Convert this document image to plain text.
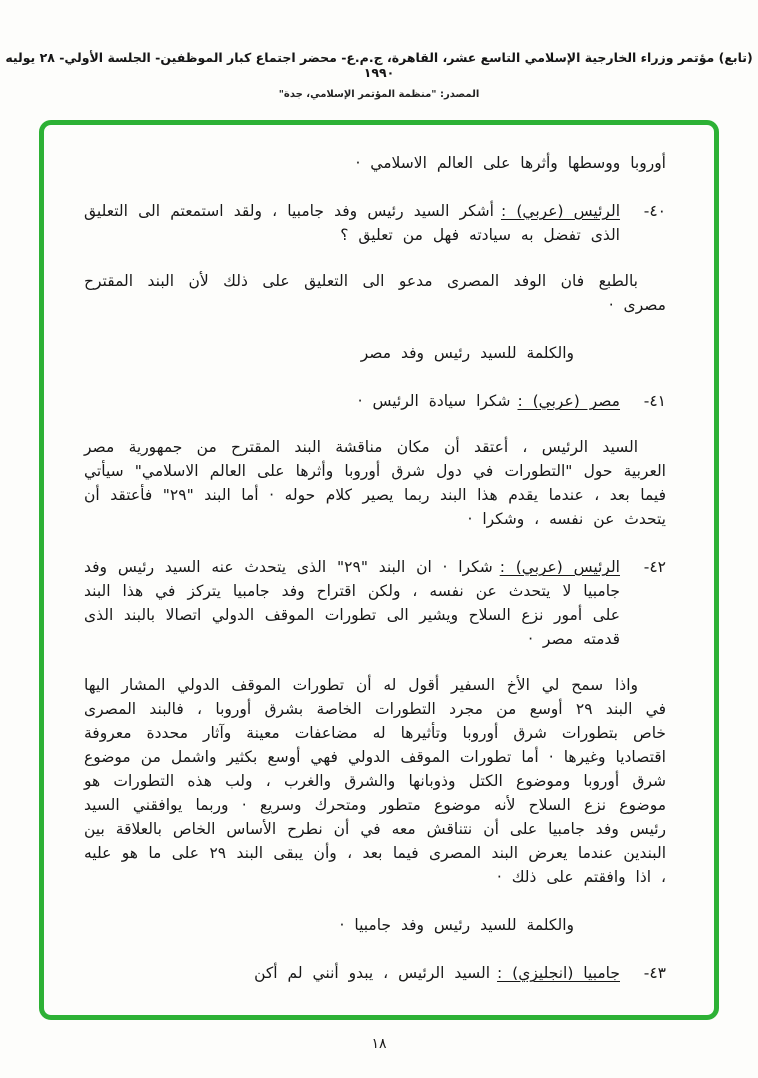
(تابع) مؤتمر وزراء الخارجية الإسلامي التاسع عشر، القاهرة، ج.م.ع- محضر اجتماع كبار الموظفين- الجلسة الأولي- ٢٨ يوليه ١٩٩٠
المصدر: "منظمة المؤتمر الإسلامي، جدة"

أوروبا ووسطها وأثرها على العالم الاسلامي ·

٤٠-

الرئيس (عربي) :أشكر السيد رئيس وفد جامبيا ، ولقد استمعتم الى التعليق الذى تفضل به سيادته فهل من تعليق ؟

بالطبع فان الوفد المصرى مدعو الى التعليق على ذلك لأن البند المقترح مصرى ·

والكلمة للسيد رئيس وفد مصر

٤١-

مصر (عربي) :شكرا سيادة الرئيس ·

السيد الرئيس ، أعتقد أن مكان مناقشة البند المقترح من جمهورية مصر العربية حول "التطورات في دول شرق أوروبا وأثرها على العالم الاسلامي" سيأتي فيما بعد ، عندما يقدم هذا البند ربما يصير كلام حوله · أما البند "٢٩" فأعتقد أن يتحدث عن نفسه ، وشكرا ·

٤٢-

الرئيس (عربي) :شكرا · ان البند "٢٩" الذى يتحدث عنه السيد رئيس وفد جامبيا لا يتحدث عن نفسه ، ولكن اقتراح وفد جامبيا يتركز في هذا البند على أمور نزع السلاح ويشير الى تطورات الموقف الدولي اتصالا بالبند الذى قدمته مصر ·

واذا سمح لي الأخ السفير أقول له أن تطورات الموقف الدولي المشار اليها في البند ٢٩ أوسع من مجرد التطورات الخاصة بشرق أوروبا ، فالبند المصرى خاص بتطورات شرق أوروبا وتأثيرها له مضاعفات معينة وآثار محددة معروفة اقتصاديا وغيرها · أما تطورات الموقف الدولي فهي أوسع بكثير واشمل من موضوع شرق أوروبا وموضوع الكتل وذوبانها والشرق والغرب ، ولب هذه التطورات هو موضوع نزع السلاح لأنه موضوع متطور ومتحرك وسريع · وربما يوافقني السيد رئيس وفد جامبيا على أن نتناقش معه في أن نطرح الأساس الخاص بالعلاقة بين البندين عندما يعرض البند المصرى فيما بعد ، وأن يبقى البند ٢٩ على ما هو عليه ، اذا وافقتم على ذلك ·

والكلمة للسيد رئيس وفد جامبيا ·

٤٣-

جامبيا (انجليزي) :السيد الرئيس ، يبدو أنني لم أكن

١٨
